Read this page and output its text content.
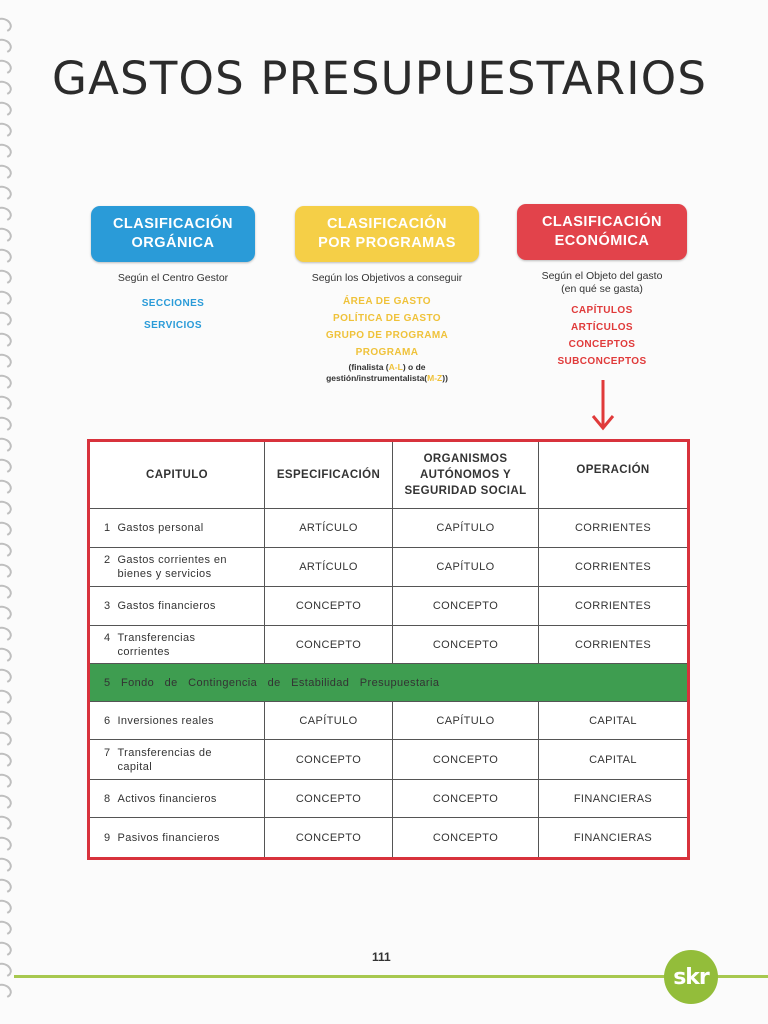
GASTOS PRESUPUESTARIOS
CLASIFICACIÓN ORGÁNICA
Según el Centro Gestor
SECCIONES
SERVICIOS
CLASIFICACIÓN POR PROGRAMAS
Según los Objetivos a conseguir
ÁREA DE GASTO
POLÍTICA DE GASTO
GRUPO DE PROGRAMA
PROGRAMA
(finalista (A-L) o de gestión/instrumentalista(M-Z))
CLASIFICACIÓN ECONÓMICA
Según el Objeto del gasto
(en qué se gasta)
CAPÍTULOS
ARTÍCULOS
CONCEPTOS
SUBCONCEPTOS
CAPITULO	ESPECIFICACIÓN	ORGANISMOS AUTÓNOMOS Y SEGURIDAD SOCIAL	OPERACIÓN
1 Gastos personal	ARTÍCULO	CAPÍTULO	CORRIENTES
2 Gastos corrientes en bienes y servicios	ARTÍCULO	CAPÍTULO	CORRIENTES
3 Gastos financieros	CONCEPTO	CONCEPTO	CORRIENTES
4 Transferencias corrientes	CONCEPTO	CONCEPTO	CORRIENTES
5 Fondo de Contingencia de Estabilidad Presupuestaria			
6 Inversiones reales	CAPÍTULO	CAPÍTULO	CAPITAL
7 Transferencias de capital	CONCEPTO	CONCEPTO	CAPITAL
8 Activos financieros	CONCEPTO	CONCEPTO	FINANCIERAS
9 Pasivos financieros	CONCEPTO	CONCEPTO	FINANCIERAS
111
skr
